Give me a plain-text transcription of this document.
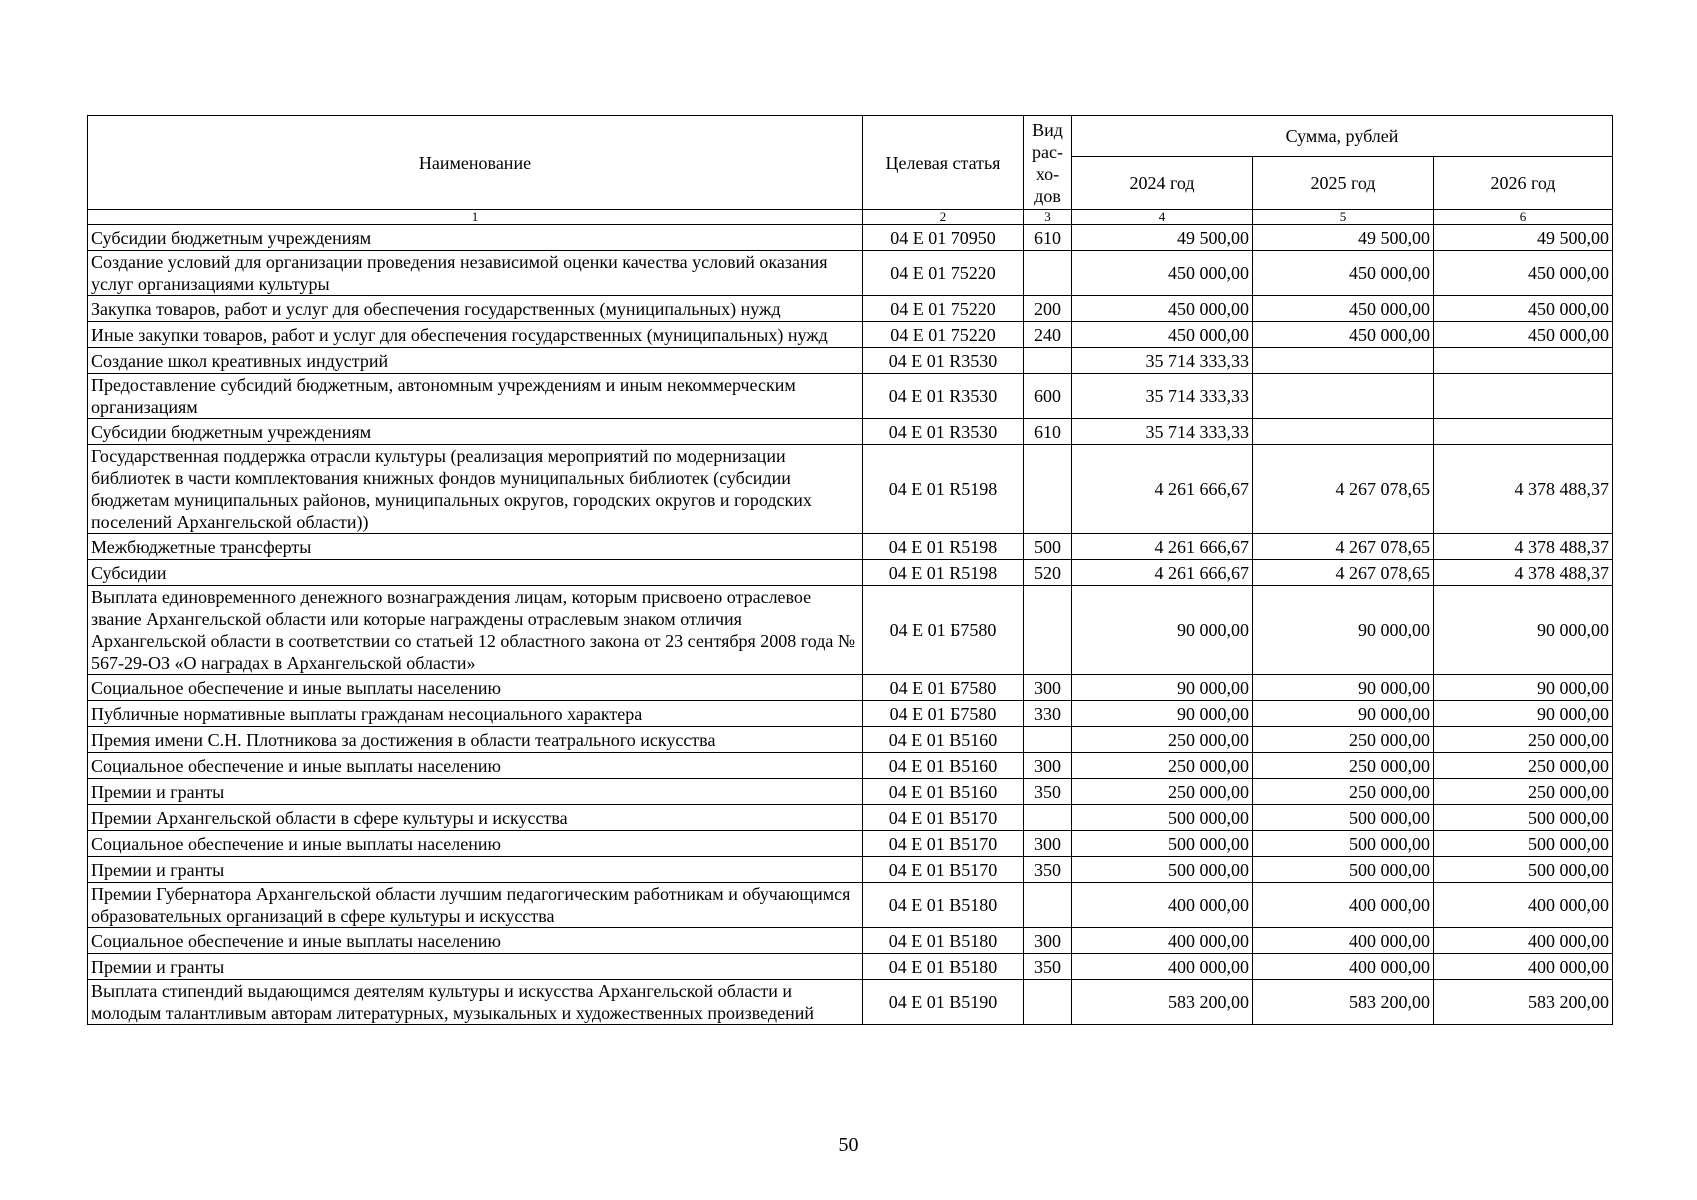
Наименование	Целевая статья	Вид рас- хо- дов	Сумма, рублей		
			2024 год	2025 год	2026 год
1	2	3	4	5	6
Субсидии бюджетным учреждениям	04 Е 01 70950	610	49 500,00	49 500,00	49 500,00
Создание условий для организации проведения независимой оценки качества условий оказания услуг организациями культуры	04 Е 01 75220		450 000,00	450 000,00	450 000,00
Закупка товаров, работ и услуг для обеспечения государственных (муниципальных) нужд	04 Е 01 75220	200	450 000,00	450 000,00	450 000,00
Иные закупки товаров, работ и услуг для обеспечения государственных (муниципальных) нужд	04 Е 01 75220	240	450 000,00	450 000,00	450 000,00
Создание школ креативных индустрий	04 Е 01 R3530		35 714 333,33		
Предоставление субсидий бюджетным, автономным учреждениям и иным некоммерческим организациям	04 Е 01 R3530	600	35 714 333,33		
Субсидии бюджетным учреждениям	04 Е 01 R3530	610	35 714 333,33		
Государственная поддержка отрасли культуры (реализация мероприятий по модернизации библиотек в части комплектования книжных фондов муниципальных библиотек (субсидии бюджетам муниципальных районов, муниципальных округов, городских округов и городских поселений Архангельской области))	04 Е 01 R5198		4 261 666,67	4 267 078,65	4 378 488,37
Межбюджетные трансферты	04 Е 01 R5198	500	4 261 666,67	4 267 078,65	4 378 488,37
Субсидии	04 Е 01 R5198	520	4 261 666,67	4 267 078,65	4 378 488,37
Выплата единовременного денежного вознаграждения лицам, которым присвоено отраслевое звание Архангельской области или которые награждены отраслевым знаком отличия Архангельской области в соответствии со статьей 12 областного закона от 23 сентября 2008 года № 567-29-ОЗ «О наградах в Архангельской области»	04 Е 01 Б7580		90 000,00	90 000,00	90 000,00
Социальное обеспечение и иные выплаты населению	04 Е 01 Б7580	300	90 000,00	90 000,00	90 000,00
Публичные нормативные выплаты гражданам несоциального характера	04 Е 01 Б7580	330	90 000,00	90 000,00	90 000,00
Премия имени С.Н. Плотникова за достижения в области театрального искусства	04 Е 01 В5160		250 000,00	250 000,00	250 000,00
Социальное обеспечение и иные выплаты населению	04 Е 01 В5160	300	250 000,00	250 000,00	250 000,00
Премии и гранты	04 Е 01 В5160	350	250 000,00	250 000,00	250 000,00
Премии Архангельской области в сфере культуры и искусства	04 Е 01 В5170		500 000,00	500 000,00	500 000,00
Социальное обеспечение и иные выплаты населению	04 Е 01 В5170	300	500 000,00	500 000,00	500 000,00
Премии и гранты	04 Е 01 В5170	350	500 000,00	500 000,00	500 000,00
Премии Губернатора Архангельской области лучшим педагогическим работникам и обучающимся образовательных организаций в сфере культуры и искусства	04 Е 01 В5180		400 000,00	400 000,00	400 000,00
Социальное обеспечение и иные выплаты населению	04 Е 01 В5180	300	400 000,00	400 000,00	400 000,00
Премии и гранты	04 Е 01 В5180	350	400 000,00	400 000,00	400 000,00
Выплата стипендий выдающимся деятелям культуры и искусства Архангельской области и молодым талантливым авторам литературных, музыкальных и художественных произведений	04 Е 01 В5190		583 200,00	583 200,00	583 200,00
50
